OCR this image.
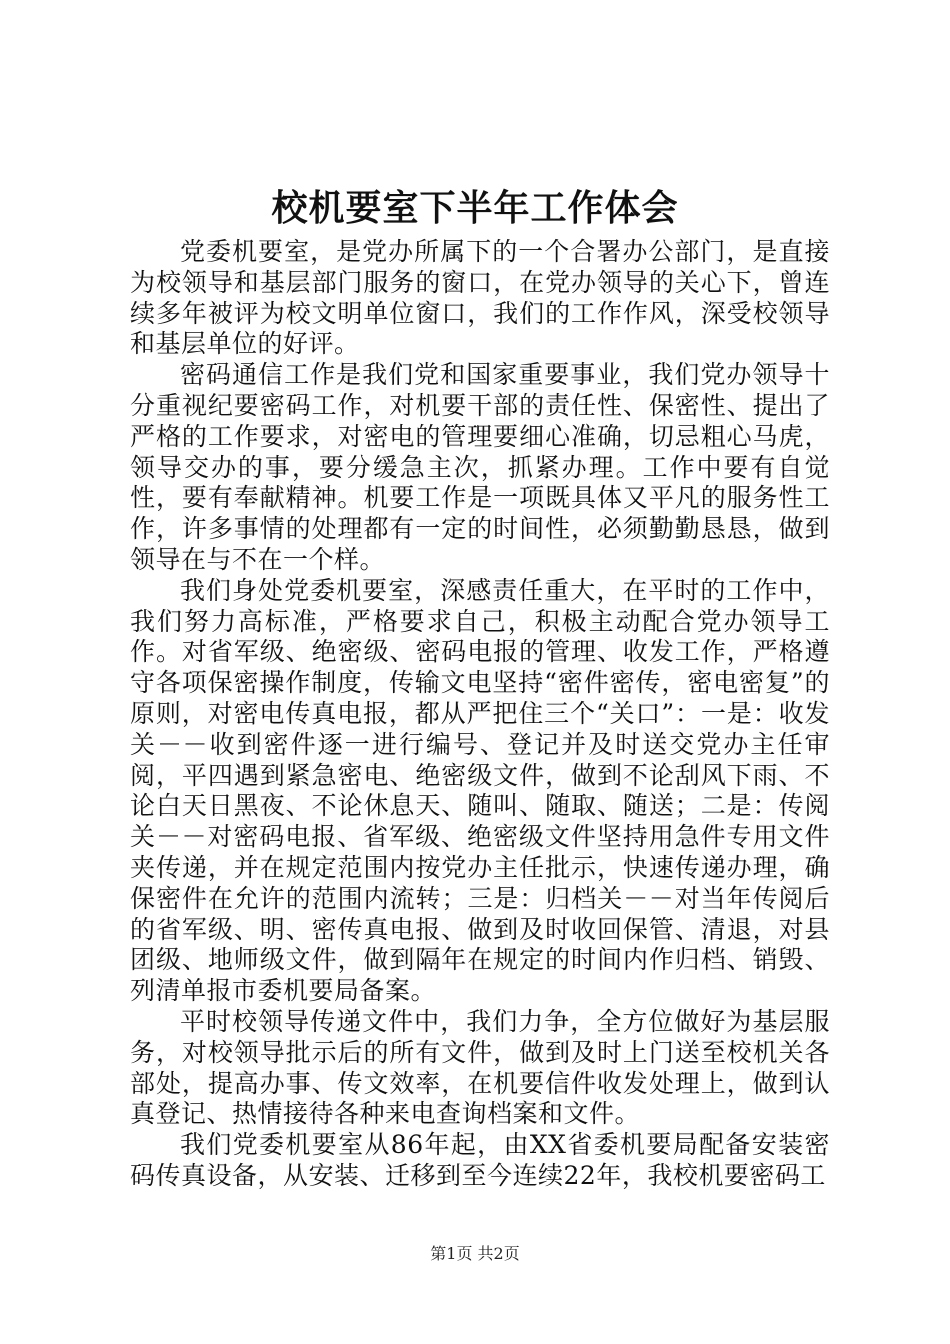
校机要室下半年工作体会

党委机要室，是党办所属下的一个合署办公部门，是直接为校领导和基层部门服务的窗口，在党办领导的关心下，曾连续多年被评为校文明单位窗口，我们的工作作风，深受校领导和基层单位的好评。

密码通信工作是我们党和国家重要事业，我们党办领导十分重视纪要密码工作，对机要干部的责任性、保密性、提出了严格的工作要求，对密电的管理要细心准确，切忌粗心马虎，领导交办的事，要分缓急主次，抓紧办理。工作中要有自觉性，要有奉献精神。机要工作是一项既具体又平凡的服务性工作，许多事情的处理都有一定的时间性，必须勤勤恳恳，做到领导在与不在一个样。

我们身处党委机要室，深感责任重大，在平时的工作中，我们努力高标准，严格要求自己，积极主动配合党办领导工作。对省军级、绝密级、密码电报的管理、收发工作，严格遵守各项保密操作制度，传输文电坚持“密件密传，密电密复”的原则，对密电传真电报，都从严把住三个“关口”：一是：收发关－－收到密件逐一进行编号、登记并及时送交党办主任审阅，平四遇到紧急密电、绝密级文件，做到不论刮风下雨、不论白天日黑夜、不论休息天、随叫、随取、随送；二是：传阅关－－对密码电报、省军级、绝密级文件坚持用急件专用文件夹传递，并在规定范围内按党办主任批示，快速传递办理，确保密件在允许的范围内流转；三是：归档关－－对当年传阅后的省军级、明、密传真电报、做到及时收回保管、清退，对县团级、地师级文件，做到隔年在规定的时间内作归档、销毁、列清单报市委机要局备案。

平时校领导传递文件中，我们力争，全方位做好为基层服务，对校领导批示后的所有文件，做到及时上门送至校机关各部处，提高办事、传文效率，在机要信件收发处理上，做到认真登记、热情接待各种来电查询档案和文件。

我们党委机要室从86年起，由XX省委机要局配备安装密码传真设备，从安装、迁移到至今连续22年，我校机要密码工

第1页 共2页
